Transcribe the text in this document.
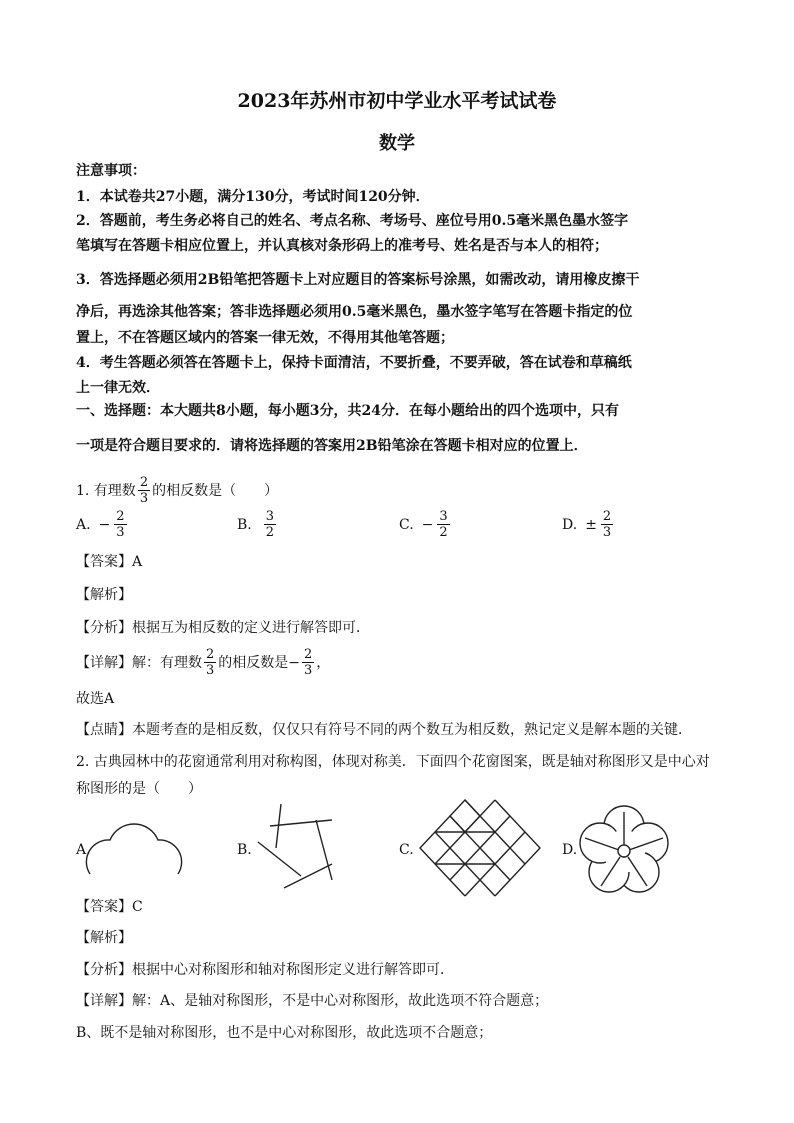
2023年苏州市初中学业水平考试试卷
数学
注意事项：
1．本试卷共27小题，满分130分，考试时间120分钟．
2．答题前，考生务必将自己的姓名、考点名称、考场号、座位号用0.5毫米黑色墨水签字
笔填写在答题卡相应位置上，并认真核对条形码上的准考号、姓名是否与本人的相符；
3．答选择题必须用2B铅笔把答题卡上对应题目的答案标号涂黑，如需改动，请用橡皮擦干
净后，再选涂其他答案；答非选择题必须用0.5毫米黑色，墨水签字笔写在答题卡指定的位
置上，不在答题区域内的答案一律无效，不得用其他笔答题；
4．考生答题必须答在答题卡上，保持卡面清洁，不要折叠，不要弄破，答在试卷和草稿纸
上一律无效．
一、选择题：本大题共8小题，每小题3分，共24分．在每小题给出的四个选项中，只有
一项是符合题目要求的．请将选择题的答案用2B铅笔涂在答题卡相对应的位置上．
1. 有理数 $\frac{2}{3}$ 的相反数是（　　）
A. − $\frac{2}{3}$	B. $\frac{3}{2}$	C. − $\frac{3}{2}$	D. ± $\frac{2}{3}$
【答案】A
【解析】
【分析】根据互为相反数的定义进行解答即可．
【详解】 解：有理数 $\frac{2}{3}$ 的相反数是 − $\frac{2}{3}$ ，
故选A
【点睛】本题考查的是相反数，仅仅只有符号不同的两个数互为相反数，熟记定义是解本题的关键．
2. 古典园林中的花窗通常利用对称构图，体现对称美．下面四个花窗图案，既是轴对称图形又是中心对
称图形的是（　　）
A.	B.	C.	D.
【答案】C
【解析】
【分析】根据中心对称图形和轴对称图形定义进行解答即可．
【详解】解：A、是轴对称图形，不是中心对称图形，故此选项不符合题意；
B、既不是轴对称图形，也不是中心对称图形，故此选项不合题意；
